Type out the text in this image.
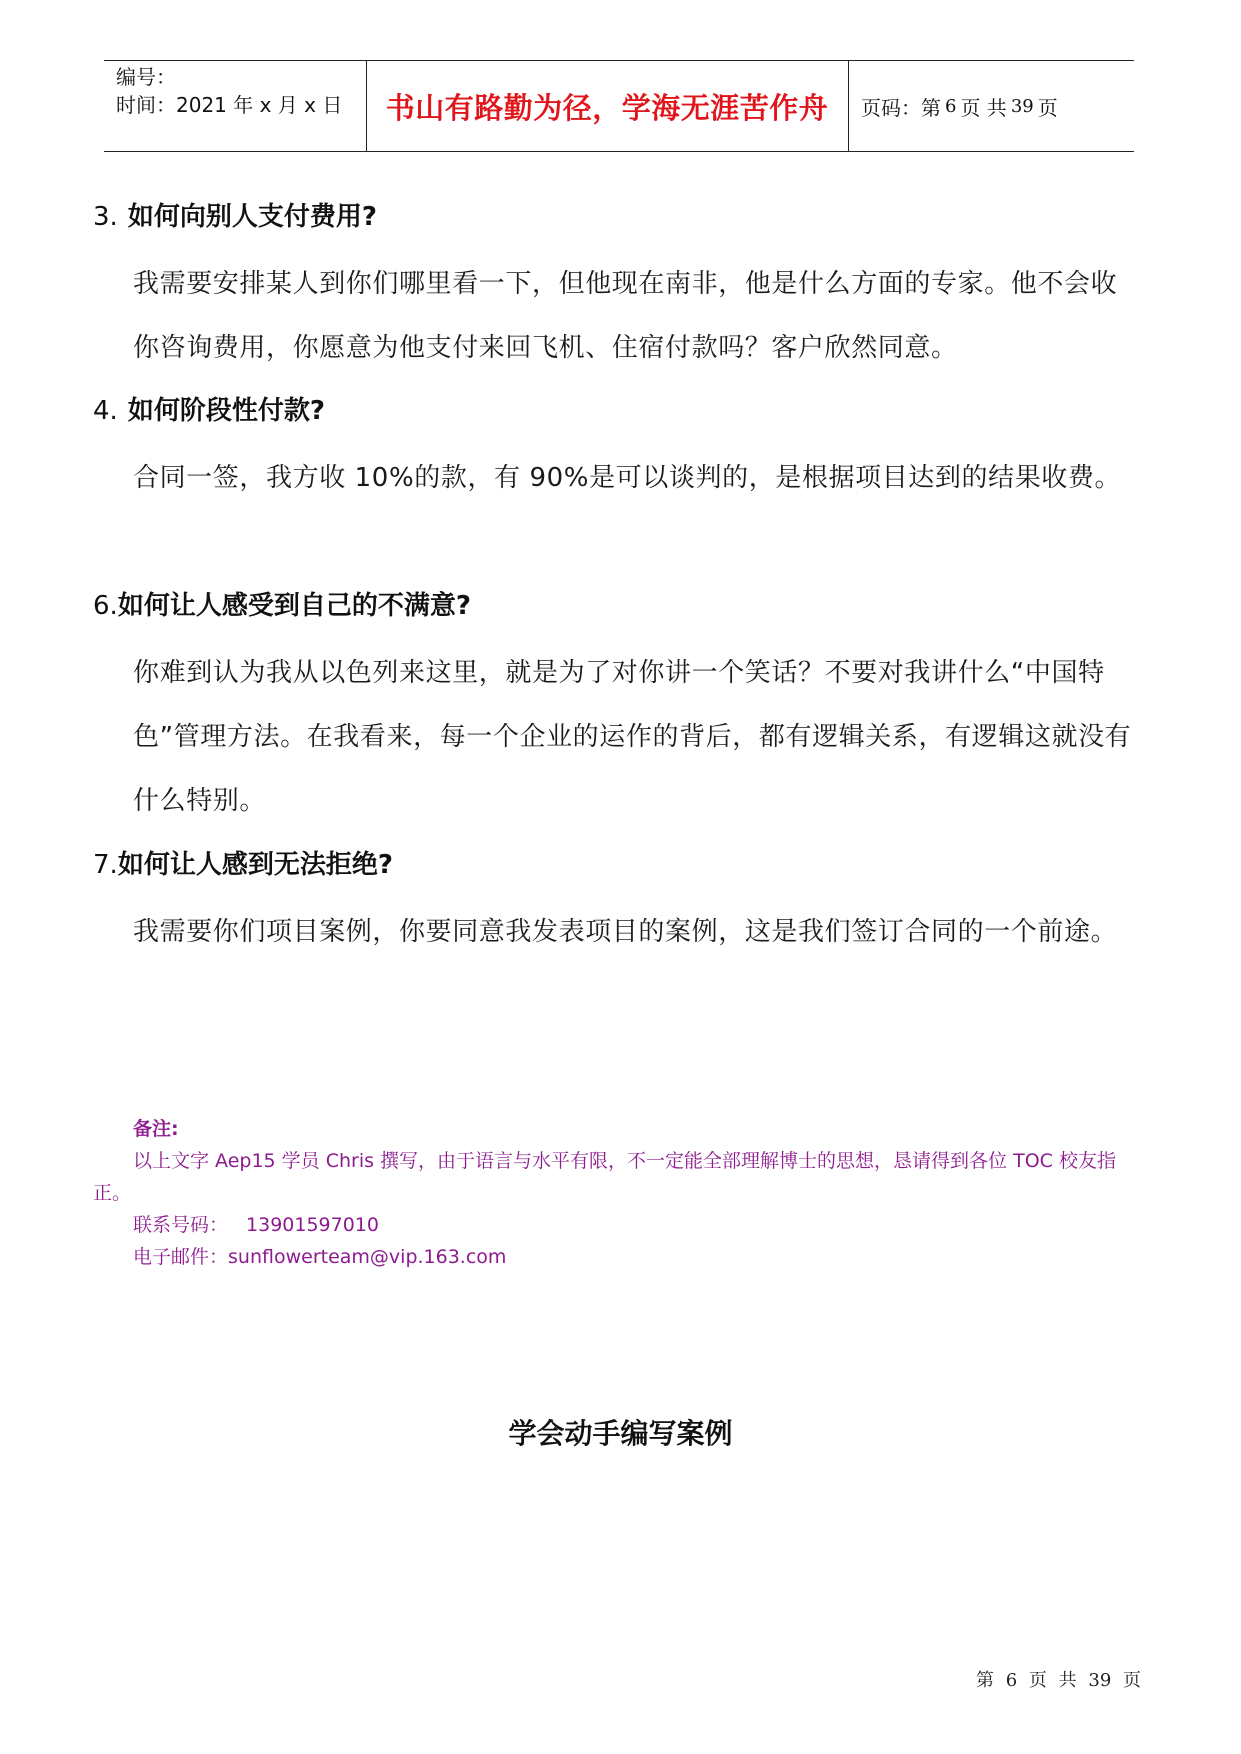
编号：
时间：2021 年 x 月 x 日	书山有路勤为径，学海无涯苦作舟	页码：第 6 页 共 39 页
3. 如何向别人支付费用?
我需要安排某人到你们哪里看一下，但他现在南非，他是什么方面的专家。他不会收你咨询费用，你愿意为他支付来回飞机、住宿付款吗？客户欣然同意。
4. 如何阶段性付款?
合同一签，我方收 10%的款，有 90%是可以谈判的，是根据项目达到的结果收费。
6.如何让人感受到自己的不满意?
你难到认为我从以色列来这里，就是为了对你讲一个笑话？不要对我讲什么“中国特色”管理方法。在我看来，每一个企业的运作的背后，都有逻辑关系，有逻辑这就没有什么特别。
7.如何让人感到无法拒绝?
我需要你们项目案例，你要同意我发表项目的案例，这是我们签订合同的一个前途。
备注:
以上文字 Aep15 学员 Chris 撰写，由于语言与水平有限，不一定能全部理解博士的思想，恳请得到各位 TOC 校友指正。
联系号码： 13901597010
电子邮件：sunflowerteam@vip.163.com
学会动手编写案例
第 6 页 共 39 页
